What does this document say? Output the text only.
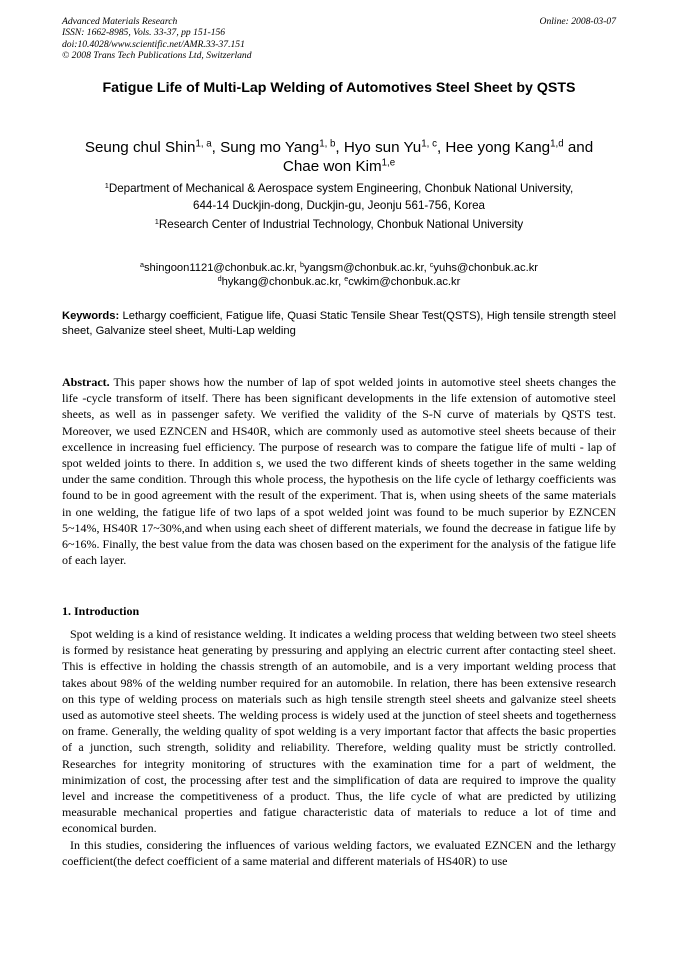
Advanced Materials Research
ISSN: 1662-8985, Vols. 33-37, pp 151-156
doi:10.4028/www.scientific.net/AMR.33-37.151
© 2008 Trans Tech Publications Ltd, Switzerland
Online: 2008-03-07
Fatigue Life of Multi-Lap Welding of Automotives Steel Sheet by QSTS
Seung chul Shin$^{1, a}$, Sung mo Yang$^{1, b}$, Hyo sun Yu$^{1, c}$, Hee yong Kang$^{1,d}$ and
Chae won Kim$^{1,e}$
$^1$Department of Mechanical & Aerospace system Engineering, Chonbuk National University,
644-14 Duckjin-dong, Duckjin-gu, Jeonju 561-756, Korea
$^1$Research Center of Industrial Technology, Chonbuk National University
$^a$shingoon1121@chonbuk.ac.kr, $^b$yangsm@chonbuk.ac.kr, $^c$yuhs@chonbuk.ac.kr
$^d$hykang@chonbuk.ac.kr, $^e$cwkim@chonbuk.ac.kr
Keywords: Lethargy coefficient, Fatigue life, Quasi Static Tensile Shear Test(QSTS), High tensile strength steel sheet, Galvanize steel sheet, Multi-Lap welding
Abstract. This paper shows how the number of lap of spot welded joints in automotive steel sheets changes the life -cycle transform of itself. There has been significant developments in the life extension of automotive steel sheets, as well as in passenger safety. We verified the validity of the S-N curve of materials by QSTS test. Moreover, we used EZNCEN and HS40R, which are commonly used as automotive steel sheets because of their excellence in increasing fuel efficiency. The purpose of research was to compare the fatigue life of multi - lap of spot welded joints to there. In addition s, we used the two different kinds of sheets together in the same welding under the same condition. Through this whole process, the hypothesis on the life cycle of lethargy coefficients was found to be in good agreement with the result of the experiment. That is, when using sheets of the same materials in one welding, the fatigue life of two laps of a spot welded joint was found to be much superior by EZNCEN 5~14%, HS40R 17~30%,and when using each sheet of different materials, we found the decrease in fatigue life by 6~16%. Finally, the best value from the data was chosen based on the experiment for the analysis of the fatigue life of each layer.
1. Introduction
Spot welding is a kind of resistance welding. It indicates a welding process that welding between two steel sheets is formed by resistance heat generating by pressuring and applying an electric current after contacting steel sheet. This is effective in holding the chassis strength of an automobile, and is a very important welding process that takes about 98% of the welding number required for an automobile. In relation, there has been extensive research on this type of welding process on materials such as high tensile strength steel sheets and galvanize steel sheets used as automotive steel sheets. The welding process is widely used at the junction of steel sheets and togetherness on frame. Generally, the welding quality of spot welding is a very important factor that affects the basic properties of a junction, such strength, solidity and reliability. Therefore, welding quality must be strictly controlled. Researches for integrity monitoring of structures with the examination time for a part of weldment, the minimization of cost, the processing after test and the simplification of data are required to improve the quality level and increase the competitiveness of a product. Thus, the life cycle of what are predicted by utilizing measurable mechanical properties and fatigue characteristic data of materials to reduce a lot of time and economical burden.
In this studies, considering the influences of various welding factors, we evaluated EZNCEN and the lethargy coefficient(the defect coefficient of a same material and different materials of HS40R) to use
